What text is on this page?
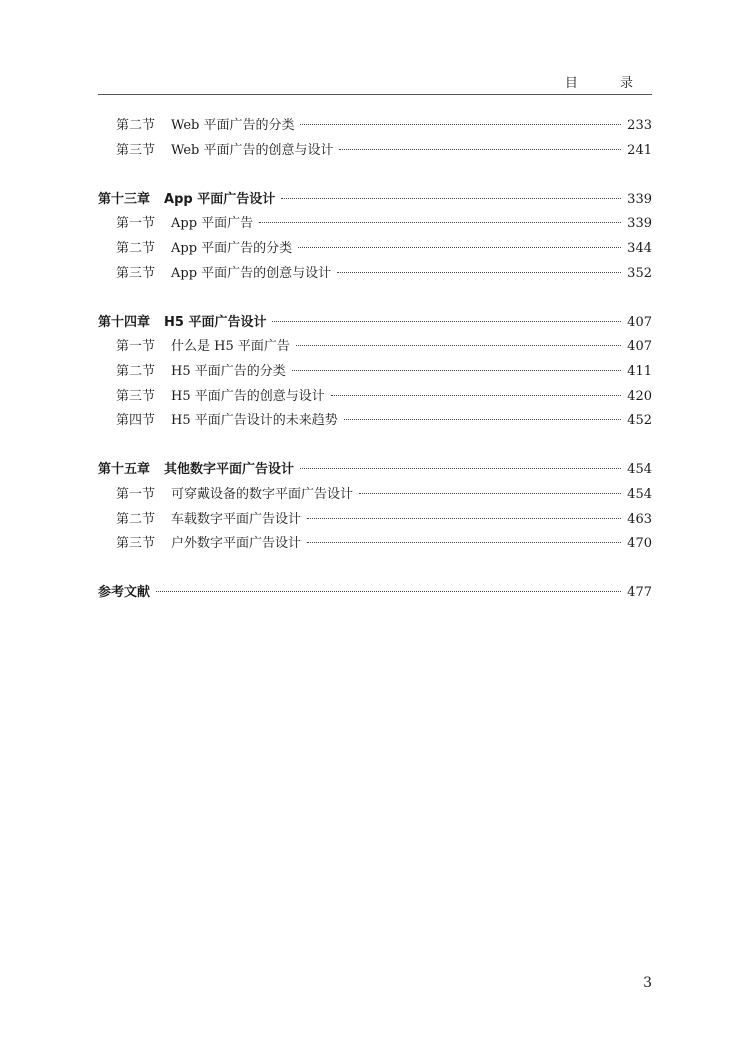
目 录
第二节 Web 平面广告的分类	233
第三节 Web 平面广告的创意与设计	241
第十三章 App 平面广告设计	339
第一节 App 平面广告	339
第二节 App 平面广告的分类	344
第三节 App 平面广告的创意与设计	352
第十四章 H5 平面广告设计	407
第一节 什么是 H5 平面广告	407
第二节 H5 平面广告的分类	411
第三节 H5 平面广告的创意与设计	420
第四节 H5 平面广告设计的未来趋势	452
第十五章 其他数字平面广告设计	454
第一节 可穿戴设备的数字平面广告设计	454
第二节 车载数字平面广告设计	463
第三节 户外数字平面广告设计	470
参考文献	477
3
